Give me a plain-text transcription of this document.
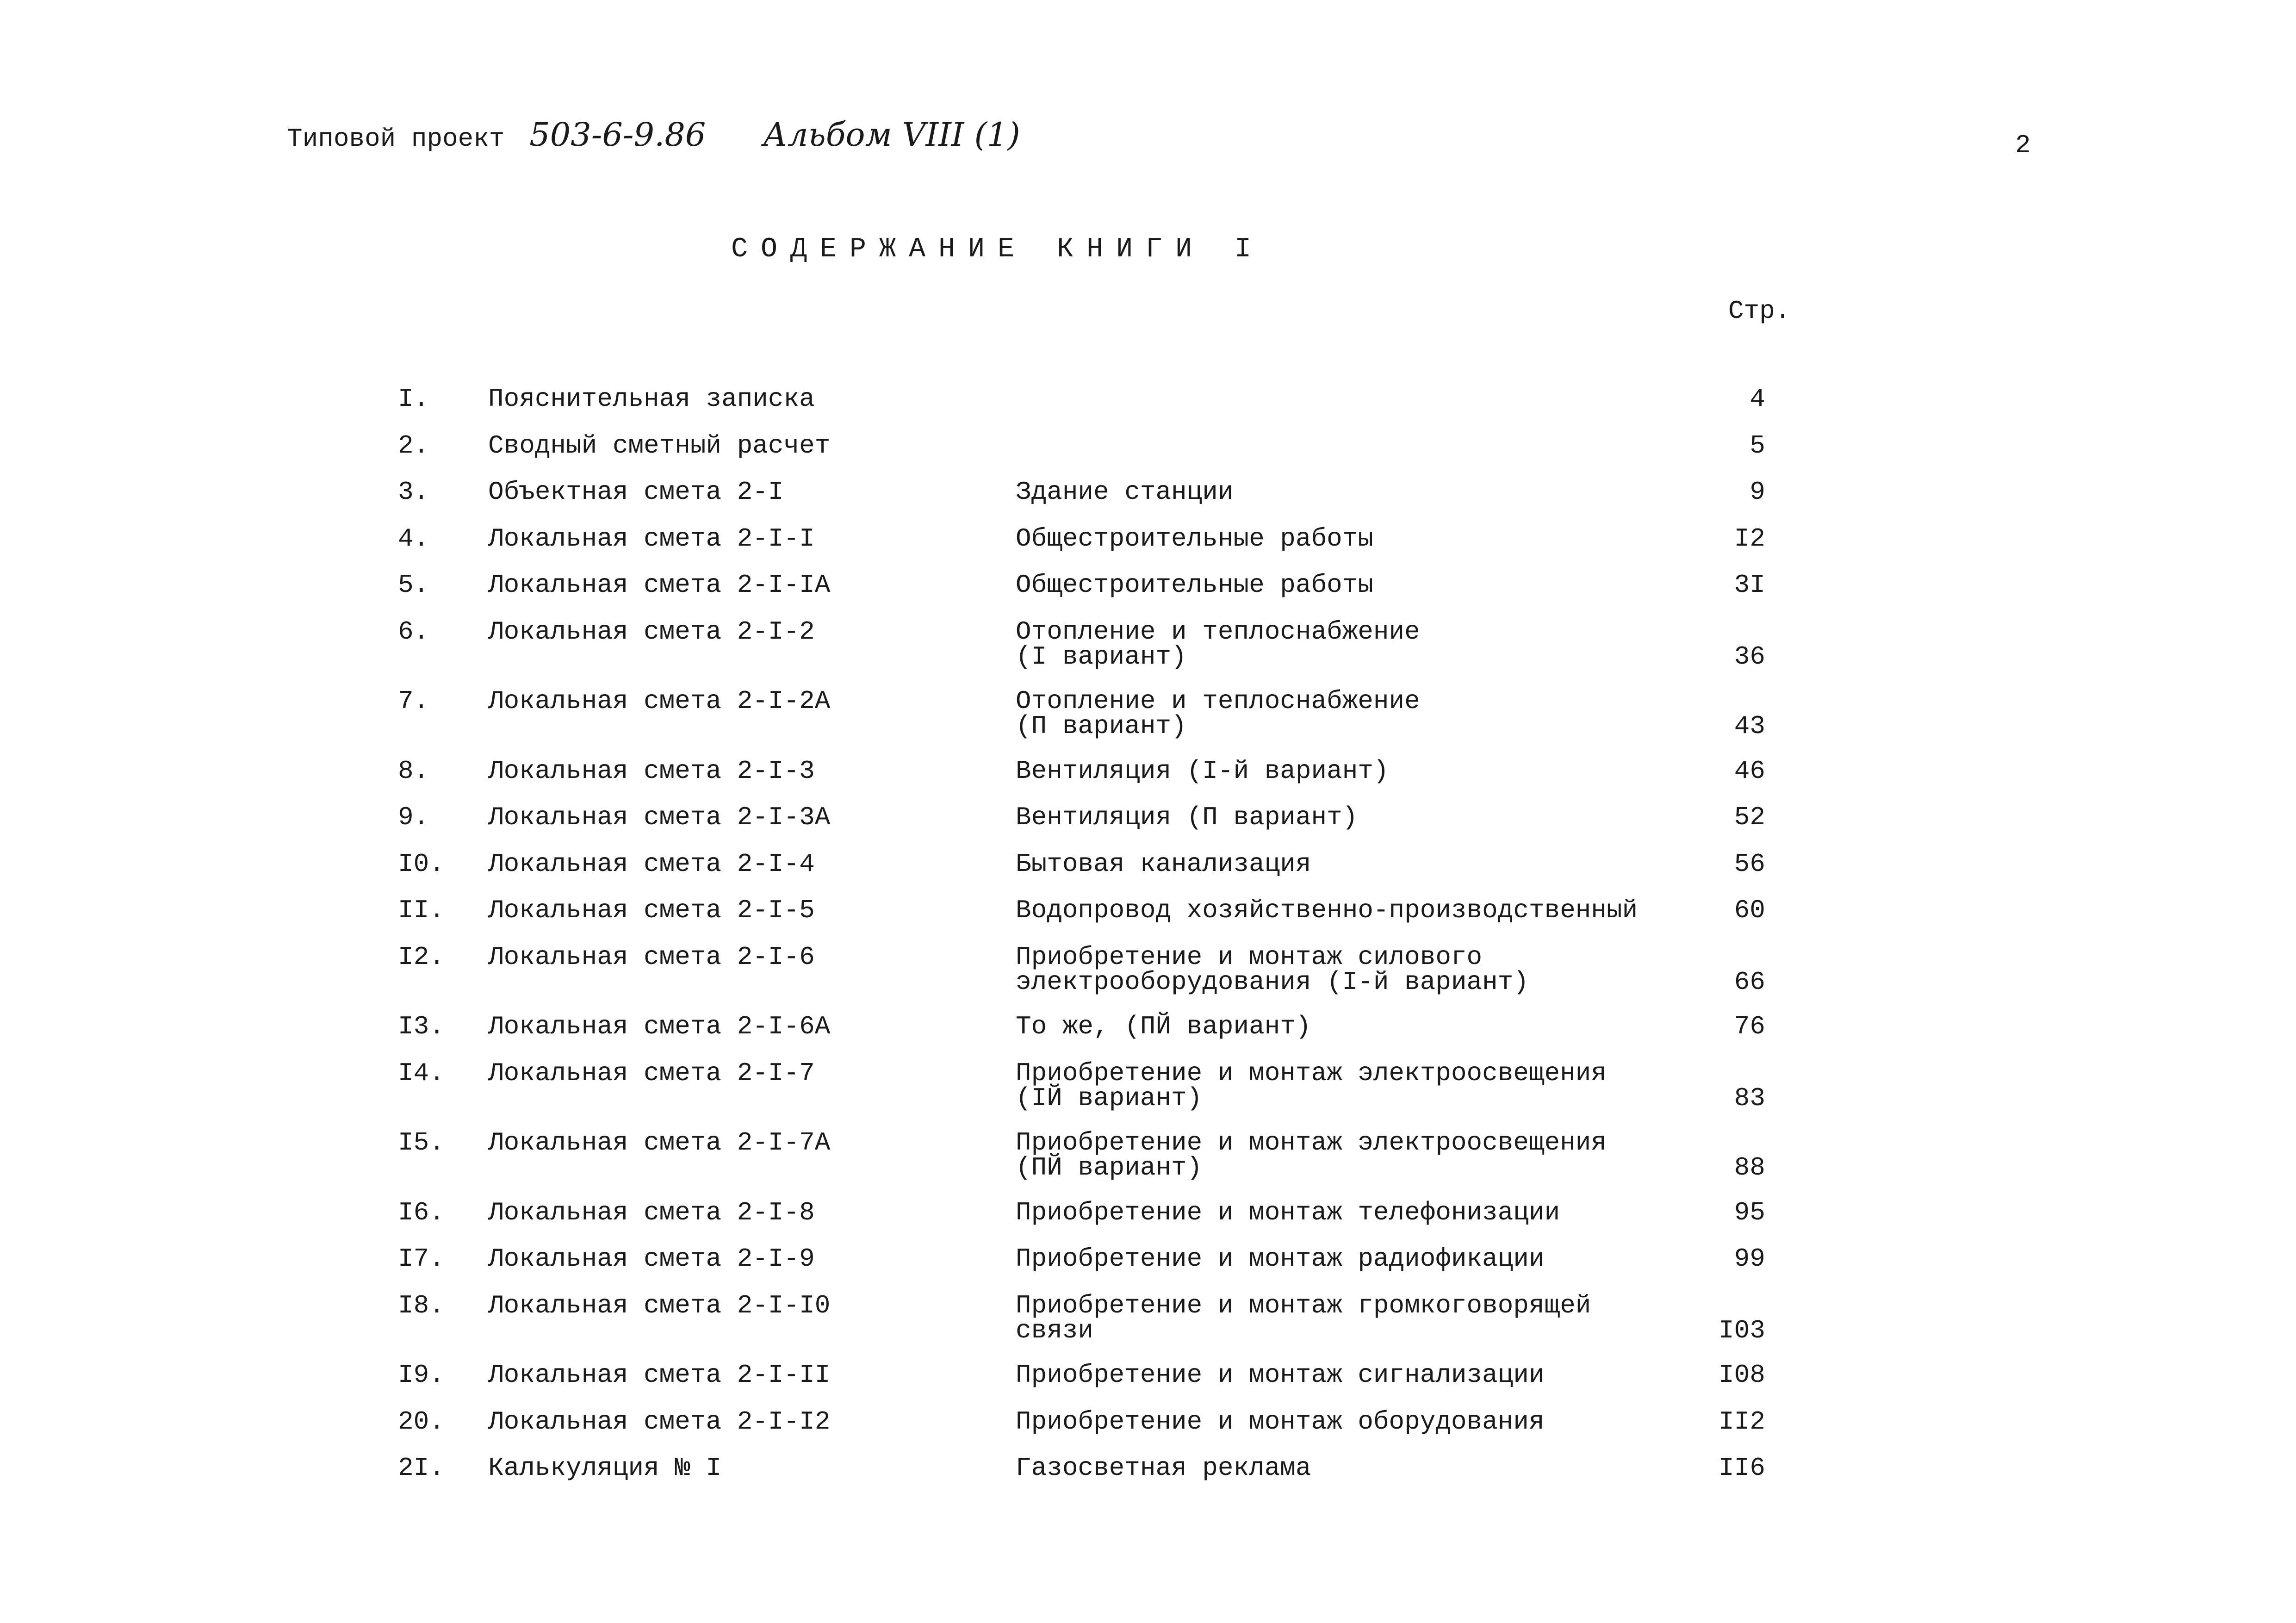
Типовой проект 503-6-9.86 Альбом VIII (1)	2
СОДЕРЖАНИЕ КНИГИ I
Стр.
I. Пояснительная записка	4
2. Сводный сметный расчет	5
3. Объектная смета 2-I	Здание станции	9
4. Локальная смета 2-I-I	Общестроительные работы	I2
5. Локальная смета 2-I-IA	Общестроительные работы	3I
6. Локальная смета 2-I-2	Отопление и теплоснабжение
(I вариант)	36
7. Локальная смета 2-I-2A	Отопление и теплоснабжение
(П вариант)	43
8. Локальная смета 2-I-3	Вентиляция (I-й вариант)	46
9. Локальная смета 2-I-3A	Вентиляция (П вариант)	52
I0. Локальная смета 2-I-4	Бытовая канализация	56
II. Локальная смета 2-I-5	Водопровод хозяйственно-производственный	60
I2. Локальная смета 2-I-6	Приобретение и монтаж силового
электрооборудования (I-й вариант)	66
I3. Локальная смета 2-I-6A	То же, (ПЙ вариант)	76
I4. Локальная смета 2-I-7	Приобретение и монтаж электроосвещения
(IЙ вариант)	83
I5. Локальная смета 2-I-7A	Приобретение и монтаж электроосвещения
(ПЙ вариант)	88
I6. Локальная смета 2-I-8	Приобретение и монтаж телефонизации	95
I7. Локальная смета 2-I-9	Приобретение и монтаж радиофикации	99
I8. Локальная смета 2-I-I0	Приобретение и монтаж громкоговорящей
связи	I03
I9. Локальная смета 2-I-II	Приобретение и монтаж сигнализации	I08
20. Локальная смета 2-I-I2	Приобретение и монтаж оборудования	II2
2I. Калькуляция № I	Газосветная реклама	II6
